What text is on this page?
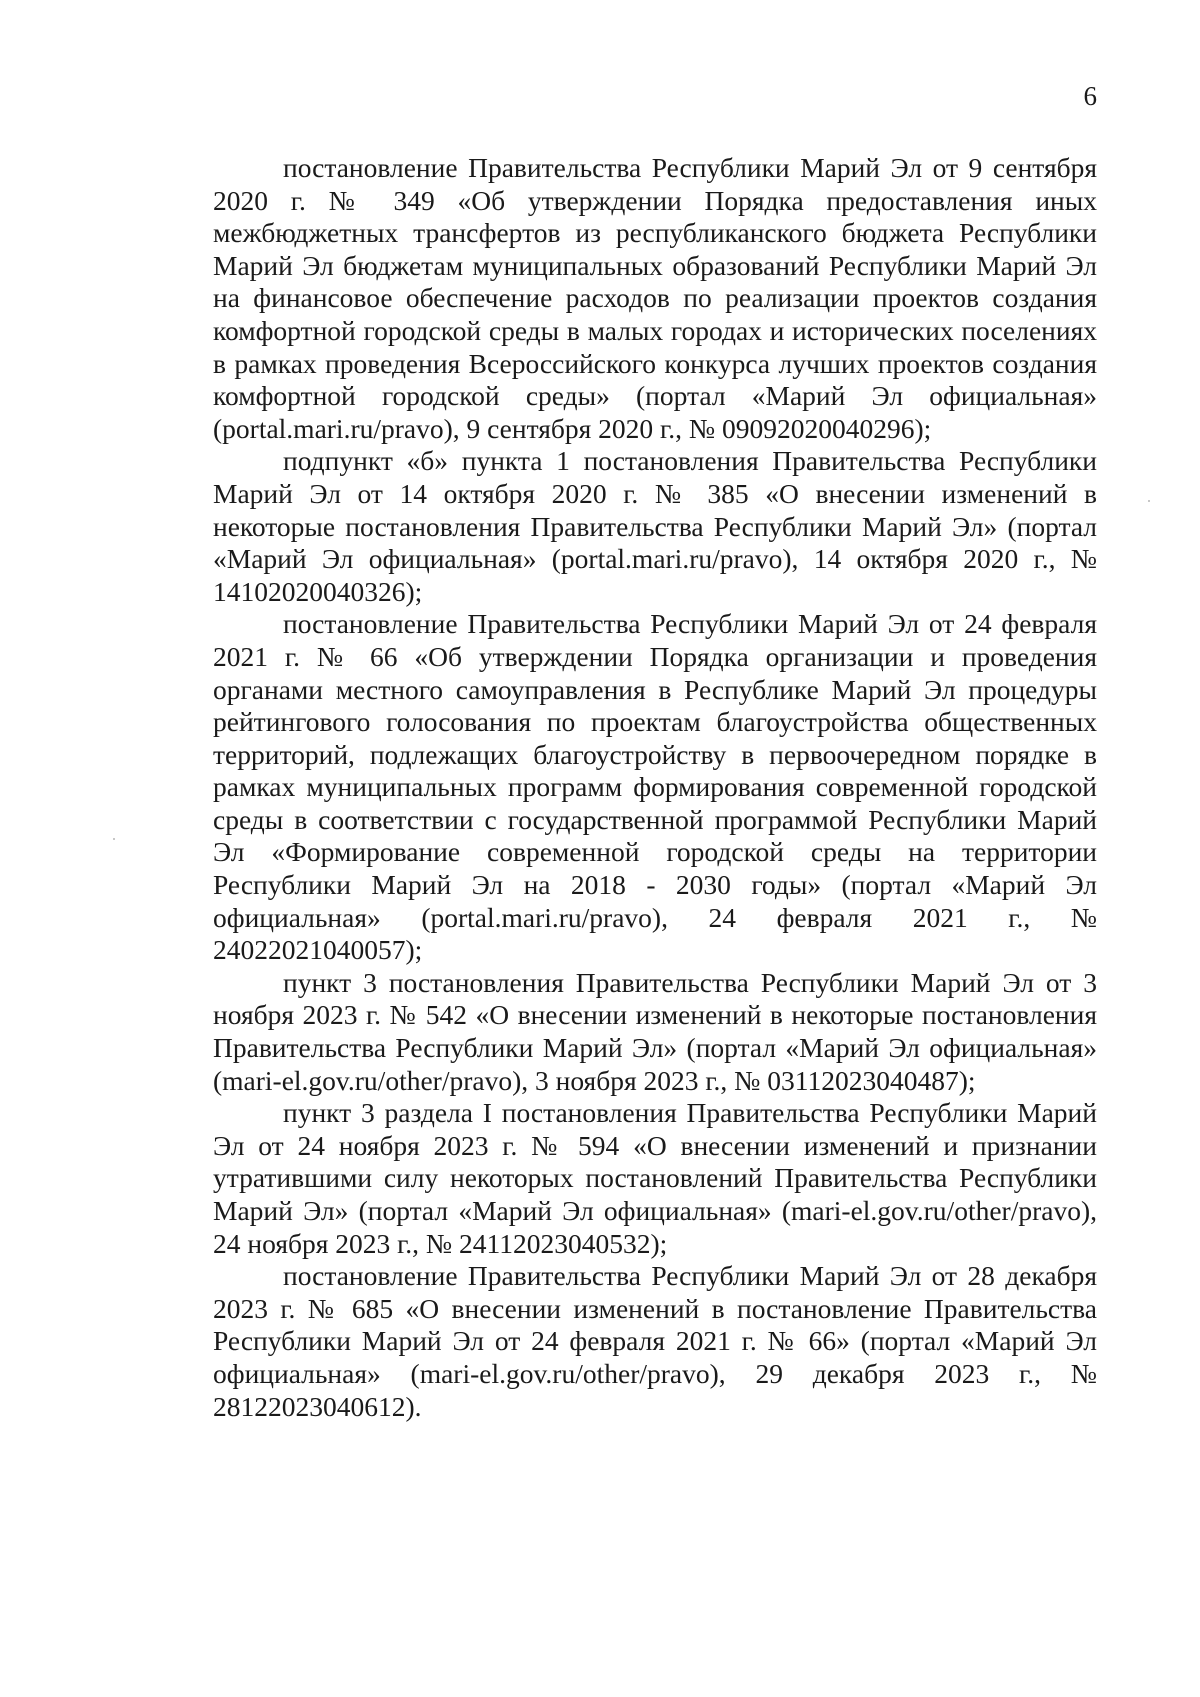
6

постановление Правительства Республики Марий Эл от 9 сентября 2020 г. № 349 «Об утверждении Порядка предоставления иных межбюджетных трансфертов из республиканского бюджета Республики Марий Эл бюджетам муниципальных образований Республики Марий Эл на финансовое обеспечение расходов по реализации проектов создания комфортной городской среды в малых городах и исторических поселениях в рамках проведения Всероссийского конкурса лучших проектов создания комфортной городской среды» (портал «Марий Эл официальная» (portal.mari.ru/pravo), 9 сентября 2020 г., № 09092020040296);

подпункт «б» пункта 1 постановления Правительства Республики Марий Эл от 14 октября 2020 г. № 385 «О внесении изменений в некоторые постановления Правительства Республики Марий Эл» (портал «Марий Эл официальная» (portal.mari.ru/pravo), 14 октября 2020 г., № 14102020040326);

постановление Правительства Республики Марий Эл от 24 февраля 2021 г. № 66 «Об утверждении Порядка организации и проведения органами местного самоуправления в Республике Марий Эл процедуры рейтингового голосования по проектам благоустройства общественных территорий, подлежащих благоустройству в первоочередном порядке в рамках муниципальных программ формирования современной городской среды в соответствии с государственной программой Республики Марий Эл «Формирование современной городской среды на территории Республики Марий Эл на 2018 - 2030 годы» (портал «Марий Эл официальная» (portal.mari.ru/pravo), 24 февраля 2021 г., № 24022021040057);

пункт 3 постановления Правительства Республики Марий Эл от 3 ноября 2023 г. № 542 «О внесении изменений в некоторые постановления Правительства Республики Марий Эл» (портал «Марий Эл официальная» (mari-el.gov.ru/other/pravo), 3 ноября 2023 г., № 03112023040487);

пункт 3 раздела I постановления Правительства Республики Марий Эл от 24 ноября 2023 г. № 594 «О внесении изменений и признании утратившими силу некоторых постановлений Правительства Республики Марий Эл» (портал «Марий Эл официальная» (mari-el.gov.ru/other/pravo), 24 ноября 2023 г., № 24112023040532);

постановление Правительства Республики Марий Эл от 28 декабря 2023 г. № 685 «О внесении изменений в постановление Правительства Республики Марий Эл от 24 февраля 2021 г. № 66» (портал «Марий Эл официальная» (mari-el.gov.ru/other/pravo), 29 декабря 2023 г., № 28122023040612).
